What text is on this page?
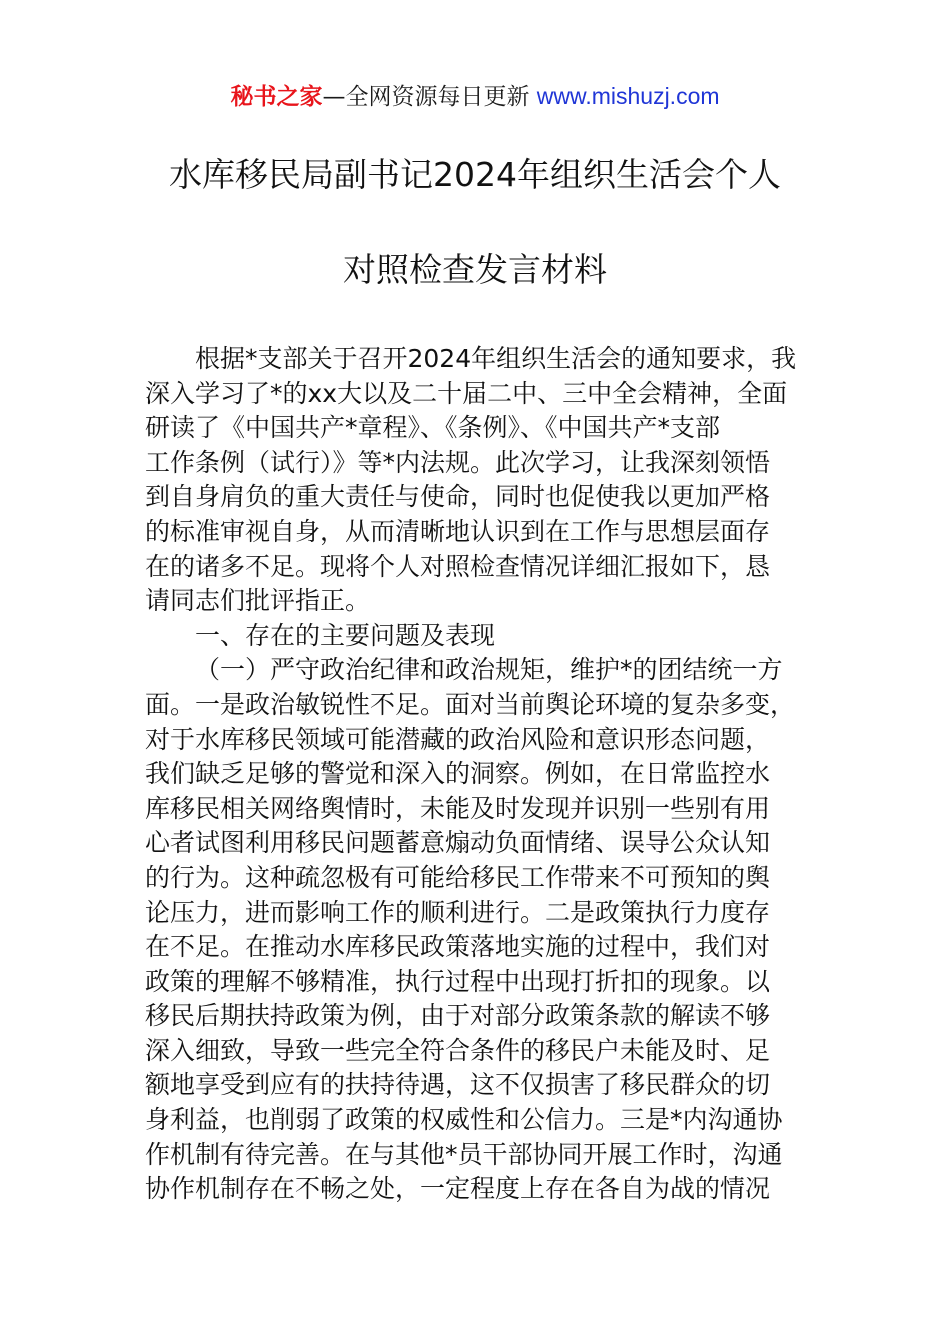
秘书之家—全网资源每日更新 www.mishuzj.com
水库移民局副书记2024年组织生活会个人
对照检查发言材料
根据*支部关于召开2024年组织生活会的通知要求，我
深入学习了*的xx大以及二十届二中、三中全会精神，全面
研读了《中国共产*章程》、《条例》、《中国共产*支部
工作条例（试行）》等*内法规。此次学习，让我深刻领悟
到自身肩负的重大责任与使命，同时也促使我以更加严格
的标准审视自身，从而清晰地认识到在工作与思想层面存
在的诸多不足。现将个人对照检查情况详细汇报如下，恳
请同志们批评指正。
一、存在的主要问题及表现
（一）严守政治纪律和政治规矩，维护*的团结统一方
面。一是政治敏锐性不足。面对当前舆论环境的复杂多变，
对于水库移民领域可能潜藏的政治风险和意识形态问题，
我们缺乏足够的警觉和深入的洞察。例如，在日常监控水
库移民相关网络舆情时，未能及时发现并识别一些别有用
心者试图利用移民问题蓄意煽动负面情绪、误导公众认知
的行为。这种疏忽极有可能给移民工作带来不可预知的舆
论压力，进而影响工作的顺利进行。二是政策执行力度存
在不足。在推动水库移民政策落地实施的过程中，我们对
政策的理解不够精准，执行过程中出现打折扣的现象。以
移民后期扶持政策为例，由于对部分政策条款的解读不够
深入细致，导致一些完全符合条件的移民户未能及时、足
额地享受到应有的扶持待遇，这不仅损害了移民群众的切
身利益，也削弱了政策的权威性和公信力。三是*内沟通协
作机制有待完善。在与其他*员干部协同开展工作时，沟通
协作机制存在不畅之处，一定程度上存在各自为战的情况
